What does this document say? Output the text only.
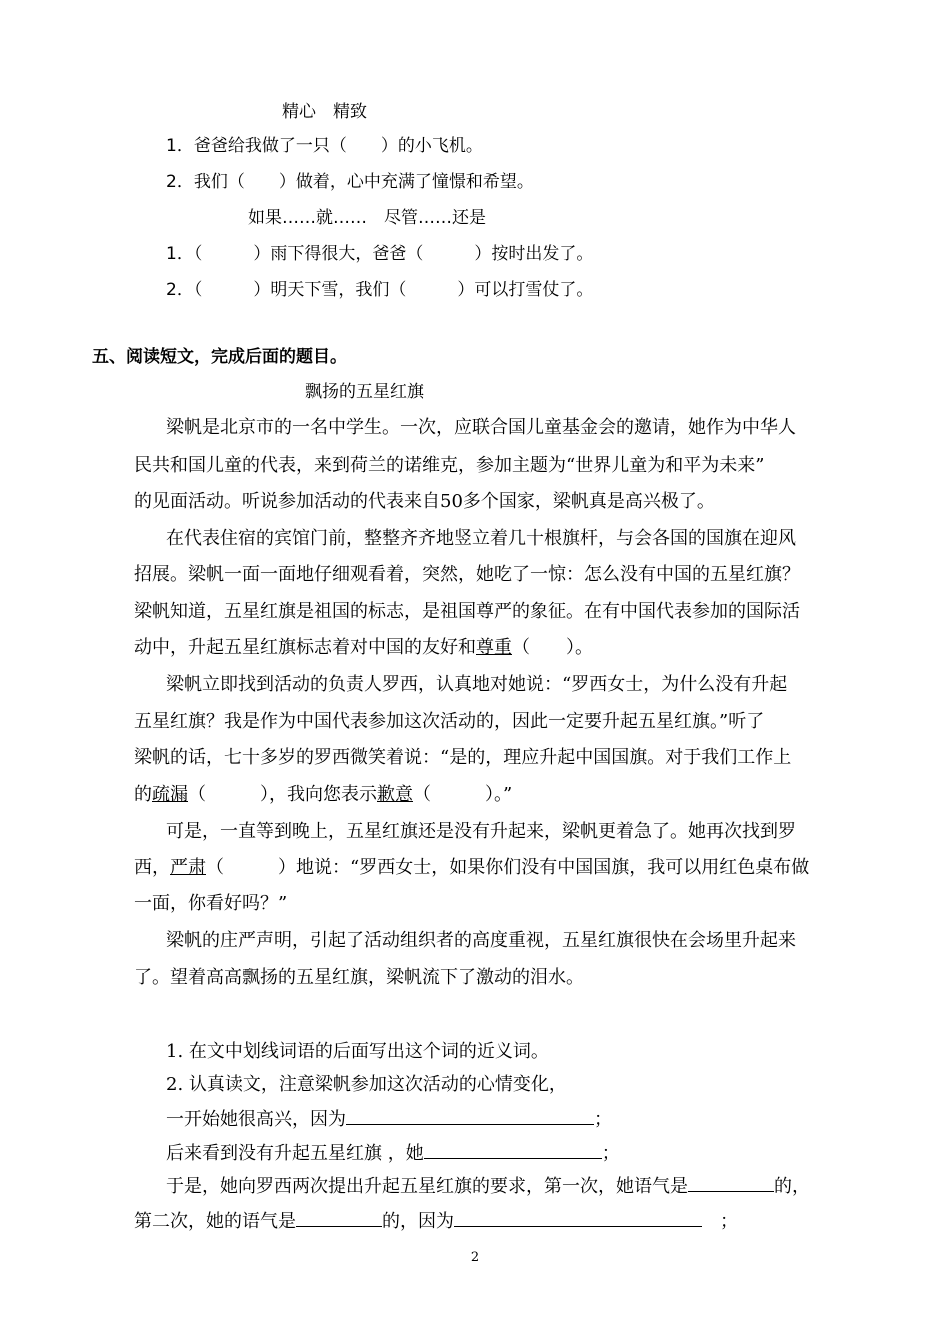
精心　精致
1．爸爸给我做了一只（　　）的小飞机。
2．我们（　　）做着，心中充满了憧憬和希望。
如果……就……　尽管……还是
1．（　　　）雨下得很大，爸爸（　　　）按时出发了。
2．（　　　）明天下雪，我们（　　　）可以打雪仗了。
五、阅读短文，完成后面的题目。
飘扬的五星红旗
梁帆是北京市的一名中学生。一次，应联合国儿童基金会的邀请，她作为中华人
民共和国儿童的代表，来到荷兰的诺维克，参加主题为“世界儿童为和平为未来”
的见面活动。听说参加活动的代表来自50多个国家，梁帆真是高兴极了。
在代表住宿的宾馆门前，整整齐齐地竖立着几十根旗杆，与会各国的国旗在迎风
招展。梁帆一面一面地仔细观看着，突然，她吃了一惊：怎么没有中国的五星红旗？
梁帆知道，五星红旗是祖国的标志，是祖国尊严的象征。在有中国代表参加的国际活
动中，升起五星红旗标志着对中国的友好和尊重（　　）。
梁帆立即找到活动的负责人罗西，认真地对她说：“罗西女士，为什么没有升起
五星红旗？我是作为中国代表参加这次活动的，因此一定要升起五星红旗。”听了
梁帆的话，七十多岁的罗西微笑着说：“是的，理应升起中国国旗。对于我们工作上
的疏漏（　　　），我向您表示歉意（　　　）。”
可是，一直等到晚上，五星红旗还是没有升起来，梁帆更着急了。她再次找到罗
西，严肃（　　　）地说：“罗西女士，如果你们没有中国国旗，我可以用红色桌布做
一面，你看好吗？”
梁帆的庄严声明，引起了活动组织者的高度重视，五星红旗很快在会场里升起来
了。望着高高飘扬的五星红旗，梁帆流下了激动的泪水。
1. 在文中划线词语的后面写出这个词的近义词。
2. 认真读文，注意梁帆参加这次活动的心情变化，
一开始她很高兴，因为	；
后来看到没有升起五星红旗 ，她	；
于是，她向罗西两次提出升起五星红旗的要求，第一次，她语气是	的，
第二次，她的语气是	的，因为	　；
2
